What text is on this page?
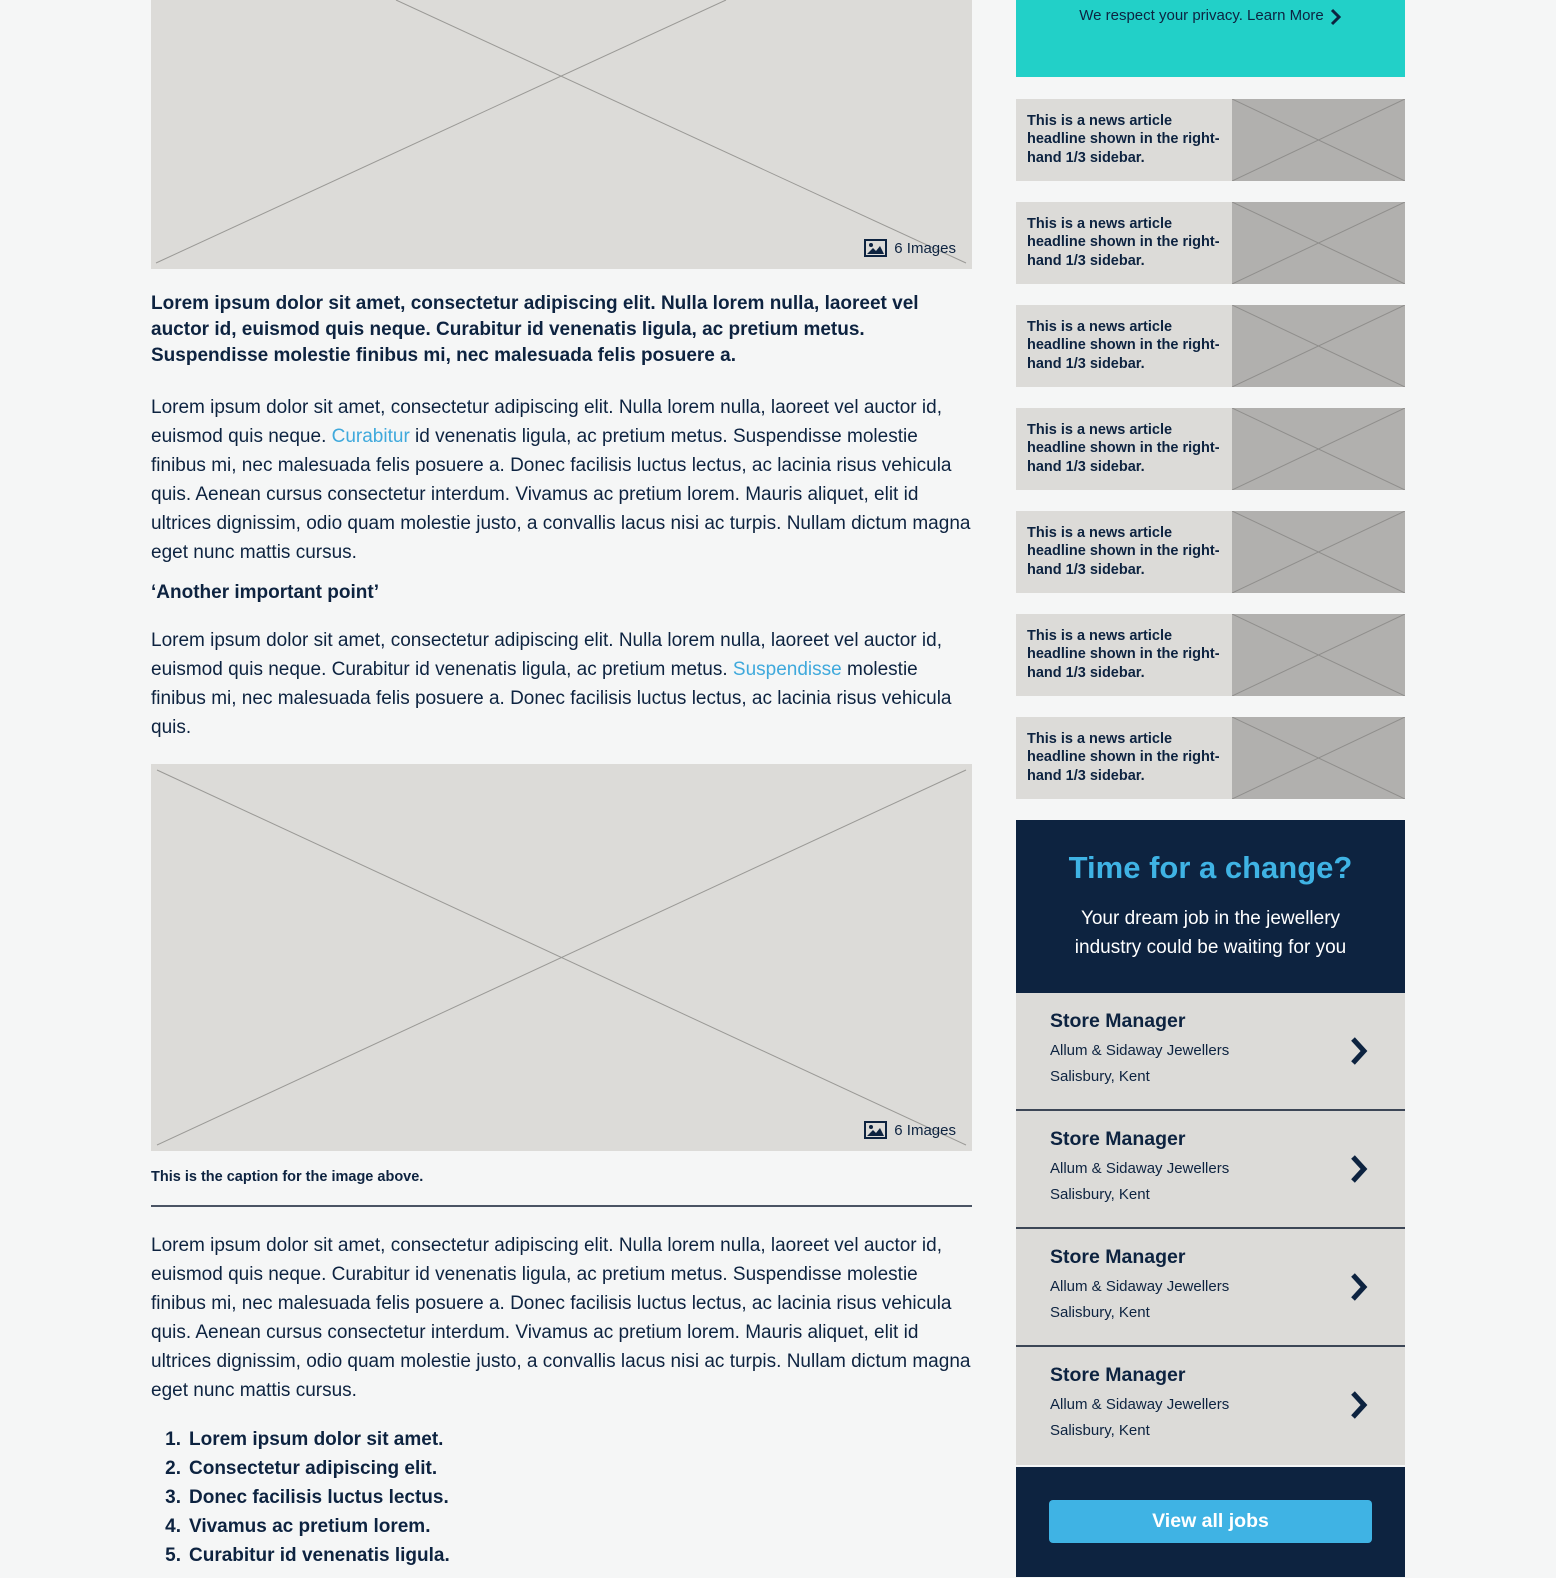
6 Images

Lorem ipsum dolor sit amet, consectetur adipiscing elit. Nulla lorem nulla, laoreet vel auctor id, euismod quis neque. Curabitur id venenatis ligula, ac pretium metus. Suspendisse molestie finibus mi, nec malesuada felis posuere a.

Lorem ipsum dolor sit amet, consectetur adipiscing elit. Nulla lorem nulla, laoreet vel auctor id, euismod quis neque. Curabitur id venenatis ligula, ac pretium metus. Suspendisse molestie finibus mi, nec malesuada felis posuere a. Donec facilisis luctus lectus, ac lacinia risus vehicula quis. Aenean cursus consectetur interdum. Vivamus ac pretium lorem. Mauris aliquet, elit id ultrices dignissim, odio quam molestie justo, a convallis lacus nisi ac turpis. Nullam dictum magna eget nunc mattis cursus.

‘Another important point’

Lorem ipsum dolor sit amet, consectetur adipiscing elit. Nulla lorem nulla, laoreet vel auctor id, euismod quis neque. Curabitur id venenatis ligula, ac pretium metus. Suspendisse molestie finibus mi, nec malesuada felis posuere a. Donec facilisis luctus lectus, ac lacinia risus vehicula quis.

6 Images

This is the caption for the image above.

Lorem ipsum dolor sit amet, consectetur adipiscing elit. Nulla lorem nulla, laoreet vel auctor id, euismod quis neque. Curabitur id venenatis ligula, ac pretium metus. Suspendisse molestie finibus mi, nec malesuada felis posuere a. Donec facilisis luctus lectus, ac lacinia risus vehicula quis. Aenean cursus consectetur interdum. Vivamus ac pretium lorem. Mauris aliquet, elit id ultrices dignissim, odio quam molestie justo, a convallis lacus nisi ac turpis. Nullam dictum magna eget nunc mattis cursus.

1. Lorem ipsum dolor sit amet.
2. Consectetur adipiscing elit.
3. Donec facilisis luctus lectus.
4. Vivamus ac pretium lorem.
5. Curabitur id venenatis ligula.
We respect your privacy. Learn More
This is a news article headline shown in the right-hand 1/3 sidebar.
This is a news article headline shown in the right-hand 1/3 sidebar.
This is a news article headline shown in the right-hand 1/3 sidebar.
This is a news article headline shown in the right-hand 1/3 sidebar.
This is a news article headline shown in the right-hand 1/3 sidebar.
This is a news article headline shown in the right-hand 1/3 sidebar.
This is a news article headline shown in the right-hand 1/3 sidebar.
Time for a change?
Your dream job in the jewellery
industry could be waiting for you
Store Manager
Allum & Sidaway Jewellers
Salisbury, Kent
Store Manager
Allum & Sidaway Jewellers
Salisbury, Kent
Store Manager
Allum & Sidaway Jewellers
Salisbury, Kent
Store Manager
Allum & Sidaway Jewellers
Salisbury, Kent
View all jobs
